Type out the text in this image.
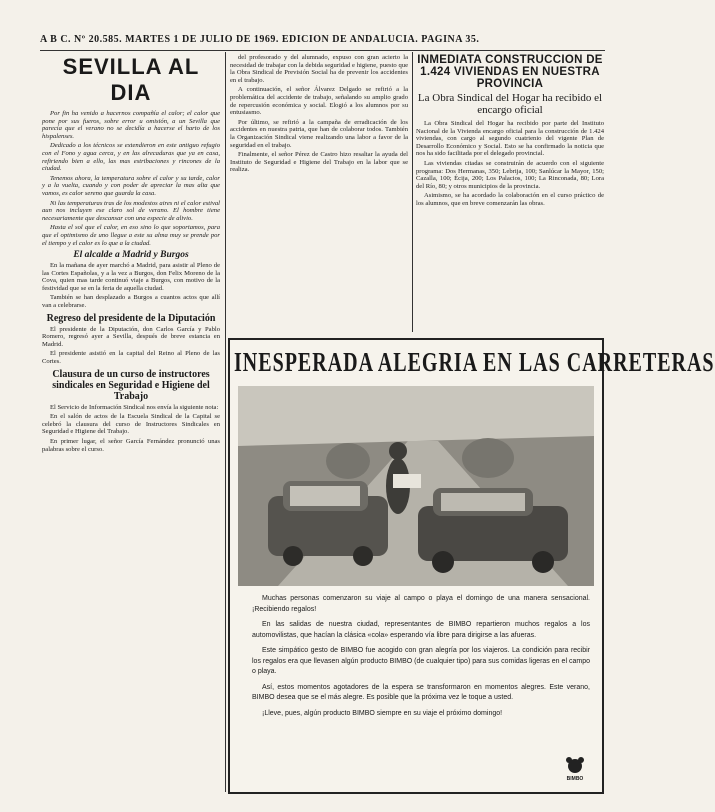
A B C. Nº 20.585. MARTES 1 DE JULIO DE 1969. EDICION DE ANDALUCIA. PAGINA 35.
SEVILLA AL DIA

Por fin ha venido a hacernos compañía el calor; el calor que pone por sus fueros, sobre error u omisión, a un Sevilla que parecía que el verano no se decidía a hacerse el harto de los hispalenses.

Dedicado a los técnicos se extendieron en este antiguo refugio con el Fono y agua cerca, y en las alrecaduras que ya en casa, refiriendo bien a ello, las mas estribaciones y rincones de la ciudad.

Tenemos ahora, la temperatura sobre el calor y su tarde, calor y a la vuelta, cuando y con poder de apreciar la mas alta que vamos, es calor sereno que guarda la casa.

Ni las temperaturas tras de los modestos aires ni el calor estival aun nos incluyen ese claro sol de verano. El hombre tiene necesariamente que descansar con una especie de alivio.

Hasta el sol que el calor, en eso sino lo que soportamos, para que el optimismo de uno llegue a este su alma muy se prende por el tiempo y el calor es lo que a la ciudad.

El alcalde a Madrid y Burgos

En la mañana de ayer marchó a Madrid, para asistir al Pleno de las Cortes Españolas, y a la vez a Burgos, don Felix Moreno de la Cova, quien mas tarde continuó viaje a Burgos, con motivo de la festividad que se en la feria de aquella ciudad.

También se han desplazado a Burgos a cuantos actos que allí van a celebrarse.

Regreso del presidente de la Diputación

El presidente de la Diputación, don Carlos García y Pablo Romero, regresó ayer a Sevilla, después de breve estancia en Madrid.

El presidente asistió en la capital del Reino al Pleno de las Cortes.

Clausura de un curso de instructores sindicales en Seguridad e Higiene del Trabajo

El Servicio de Información Sindical nos envía la siguiente nota:

En el salón de actos de la Escuela Sindical de la Capital se celebró la clausura del curso de Instructores Sindicales en Seguridad e Higiene del Trabajo.

En primer lugar, el señor García Fernández pronunció unas palabras sobre el curso.

del profesorado y del alumnado, expuso con gran acierto la necesidad de trabajar con la debida seguridad e higiene, puesto que la Obra Sindical de Previsión Social ha de prevenir los accidentes en el trabajo.

A continuación, el señor Álvarez Delgado se refirió a la problemática del accidente de trabajo, señalando su amplio grado de repercusión económica y social. Elogió a los alumnos por su entusiasmo.

Por último, se refirió a la campaña de erradicación de los accidentes en nuestra patria, que han de colaborar todos. También la Organización Sindical viene realizando una labor a favor de la seguridad en el trabajo.

Finalmente, el señor Pérez de Castro hizo resaltar la ayuda del Instituto de Seguridad e Higiene del Trabajo en la labor que se realiza.

INMEDIATA CONSTRUCCION DE 1.424 VIVIENDAS EN NUESTRA PROVINCIA
La Obra Sindical del Hogar ha recibido el encargo oficial

La Obra Sindical del Hogar ha recibido por parte del Instituto Nacional de la Vivienda encargo oficial para la construcción de 1.424 viviendas, con cargo al segundo cuatrienio del vigente Plan de Desarrollo Económico y Social. Esto se ha confirmado la noticia que nos ha sido facilitada por el delegado provincial.

Las viviendas citadas se construirán de acuerdo con el siguiente programa: Dos Hermanas, 350; Lebrija, 100; Sanlúcar la Mayor, 150; Cazalla, 100; Écija, 200; Los Palacios, 100; La Rinconada, 80; Lora del Río, 80; y otros municipios de la provincia.

Asimismo, se ha acordado la colaboración en el curso práctico de los alumnos, que en breve comenzarán las obras.

INESPERADA ALEGRIA EN LAS CARRETERAS

Muchas personas comenzaron su viaje al campo o playa el domingo de una manera sensacional. ¡Recibiendo regalos!

En las salidas de nuestra ciudad, representantes de BIMBO repartieron muchos regalos a los automovilistas, que hacían la clásica «cola» esperando vía libre para dirigirse a las afueras.

Este simpático gesto de BIMBO fue acogido con gran alegría por los viajeros. La condición para recibir los regalos era que llevasen algún producto BIMBO (de cualquier tipo) para sus comidas ligeras en el campo o playa.

Así, estos momentos agotadores de la espera se transformaron en momentos alegres. Este verano, BIMBO desea que se el más alegre. Es posible que la próxima vez le toque a usted.

¡Lleve, pues, algún producto BIMBO siempre en su viaje el próximo domingo!

BIMBO
